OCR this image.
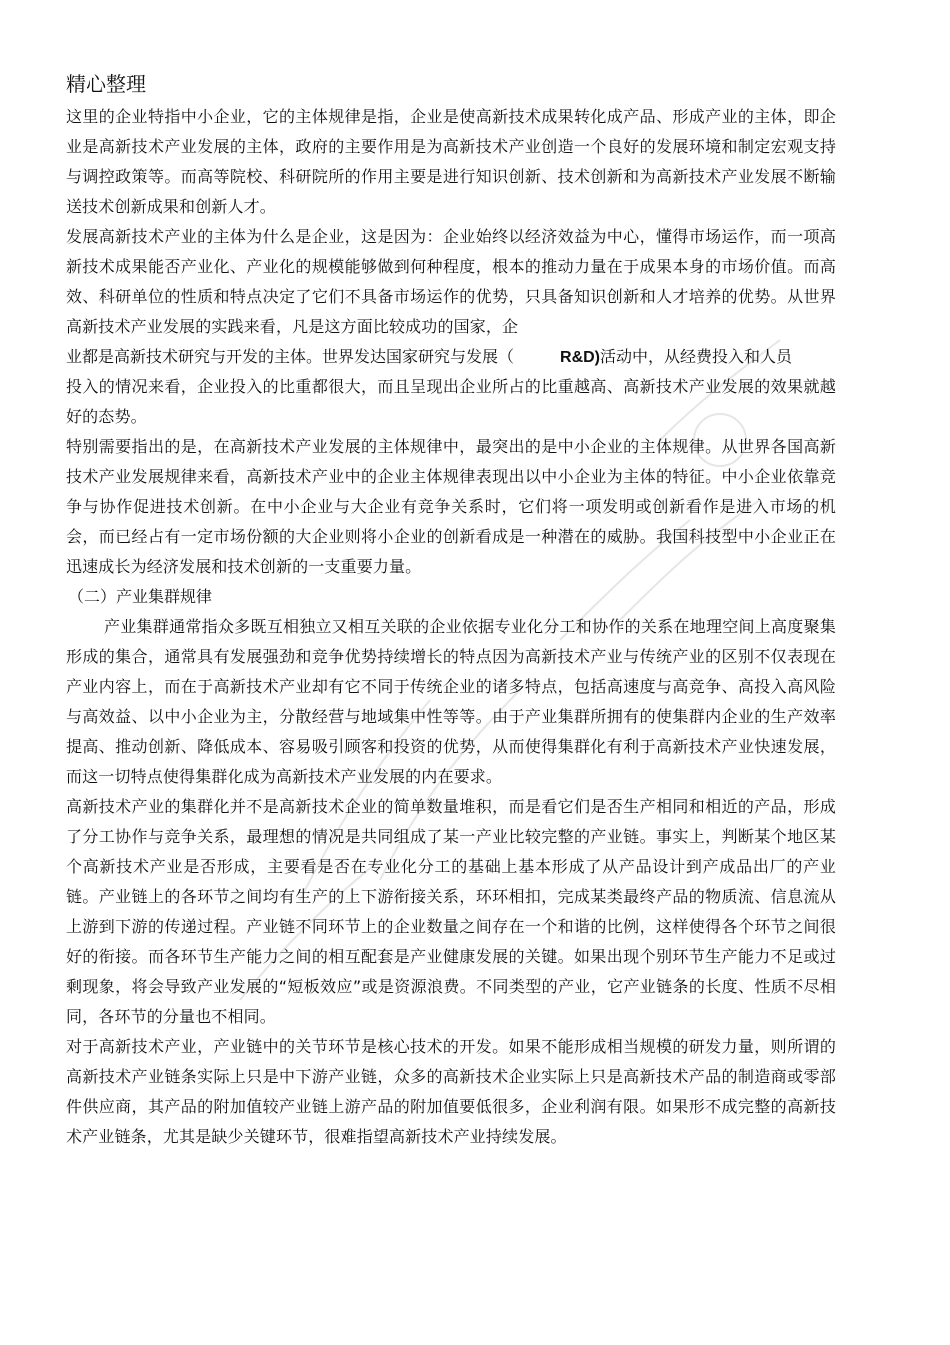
精心整理

这里的企业特指中小企业，它的主体规律是指，企业是使高新技术成果转化成产品、形成产业的主体，即企业是高新技术产业发展的主体，政府的主要作用是为高新技术产业创造一个良好的发展环境和制定宏观支持与调控政策等。而高等院校、科研院所的作用主要是进行知识创新、技术创新和为高新技术产业发展不断输送技术创新成果和创新人才。

发展高新技术产业的主体为什么是企业，这是因为：企业始终以经济效益为中心，懂得市场运作，而一项高新技术成果能否产业化、产业化的规模能够做到何种程度，根本的推动力量在于成果本身的市场价值。而高效、科研单位的性质和特点决定了它们不具备市场运作的优势，只具备知识创新和人才培养的优势。从世界高新技术产业发展的实践来看，凡是这方面比较成功的国家，企

业都是高新技术研究与开发的主体。世界发达国家研究与发展（	R&D)活动中，从经费投入和人员

投入的情况来看，企业投入的比重都很大，而且呈现出企业所占的比重越高、高新技术产业发展的效果就越好的态势。

特别需要指出的是，在高新技术产业发展的主体规律中，最突出的是中小企业的主体规律。从世界各国高新技术产业发展规律来看，高新技术产业中的企业主体规律表现出以中小企业为主体的特征。中小企业依靠竞争与协作促进技术创新。在中小企业与大企业有竞争关系时，它们将一项发明或创新看作是进入市场的机会，而已经占有一定市场份额的大企业则将小企业的创新看成是一种潜在的威胁。我国科技型中小企业正在迅速成长为经济发展和技术创新的一支重要力量。

（二）产业集群规律

产业集群通常指众多既互相独立又相互关联的企业依据专业化分工和协作的关系在地理空间上高度聚集形成的集合，通常具有发展强劲和竞争优势持续增长的特点因为高新技术产业与传统产业的区别不仅表现在产业内容上，而在于高新技术产业却有它不同于传统企业的诸多特点，包括高速度与高竞争、高投入高风险与高效益、以中小企业为主，分散经营与地域集中性等等。由于产业集群所拥有的使集群内企业的生产效率提高、推动创新、降低成本、容易吸引顾客和投资的优势，从而使得集群化有利于高新技术产业快速发展，而这一切特点使得集群化成为高新技术产业发展的内在要求。

高新技术产业的集群化并不是高新技术企业的简单数量堆积，而是看它们是否生产相同和相近的产品，形成了分工协作与竞争关系，最理想的情况是共同组成了某一产业比较完整的产业链。事实上，判断某个地区某个高新技术产业是否形成，主要看是否在专业化分工的基础上基本形成了从产品设计到产成品出厂的产业链。产业链上的各环节之间均有生产的上下游衔接关系，环环相扣，完成某类最终产品的物质流、信息流从上游到下游的传递过程。产业链不同环节上的企业数量之间存在一个和谐的比例，这样使得各个环节之间很好的衔接。而各环节生产能力之间的相互配套是产业健康发展的关键。如果出现个别环节生产能力不足或过剩现象，将会导致产业发展的“短板效应”或是资源浪费。不同类型的产业，它产业链条的长度、性质不尽相同，各环节的分量也不相同。

对于高新技术产业，产业链中的关节环节是核心技术的开发。如果不能形成相当规模的研发力量，则所谓的高新技术产业链条实际上只是中下游产业链，众多的高新技术企业实际上只是高新技术产品的制造商或零部件供应商，其产品的附加值较产业链上游产品的附加值要低很多，企业利润有限。如果形不成完整的高新技术产业链条，尤其是缺少关键环节，很难指望高新技术产业持续发展。
